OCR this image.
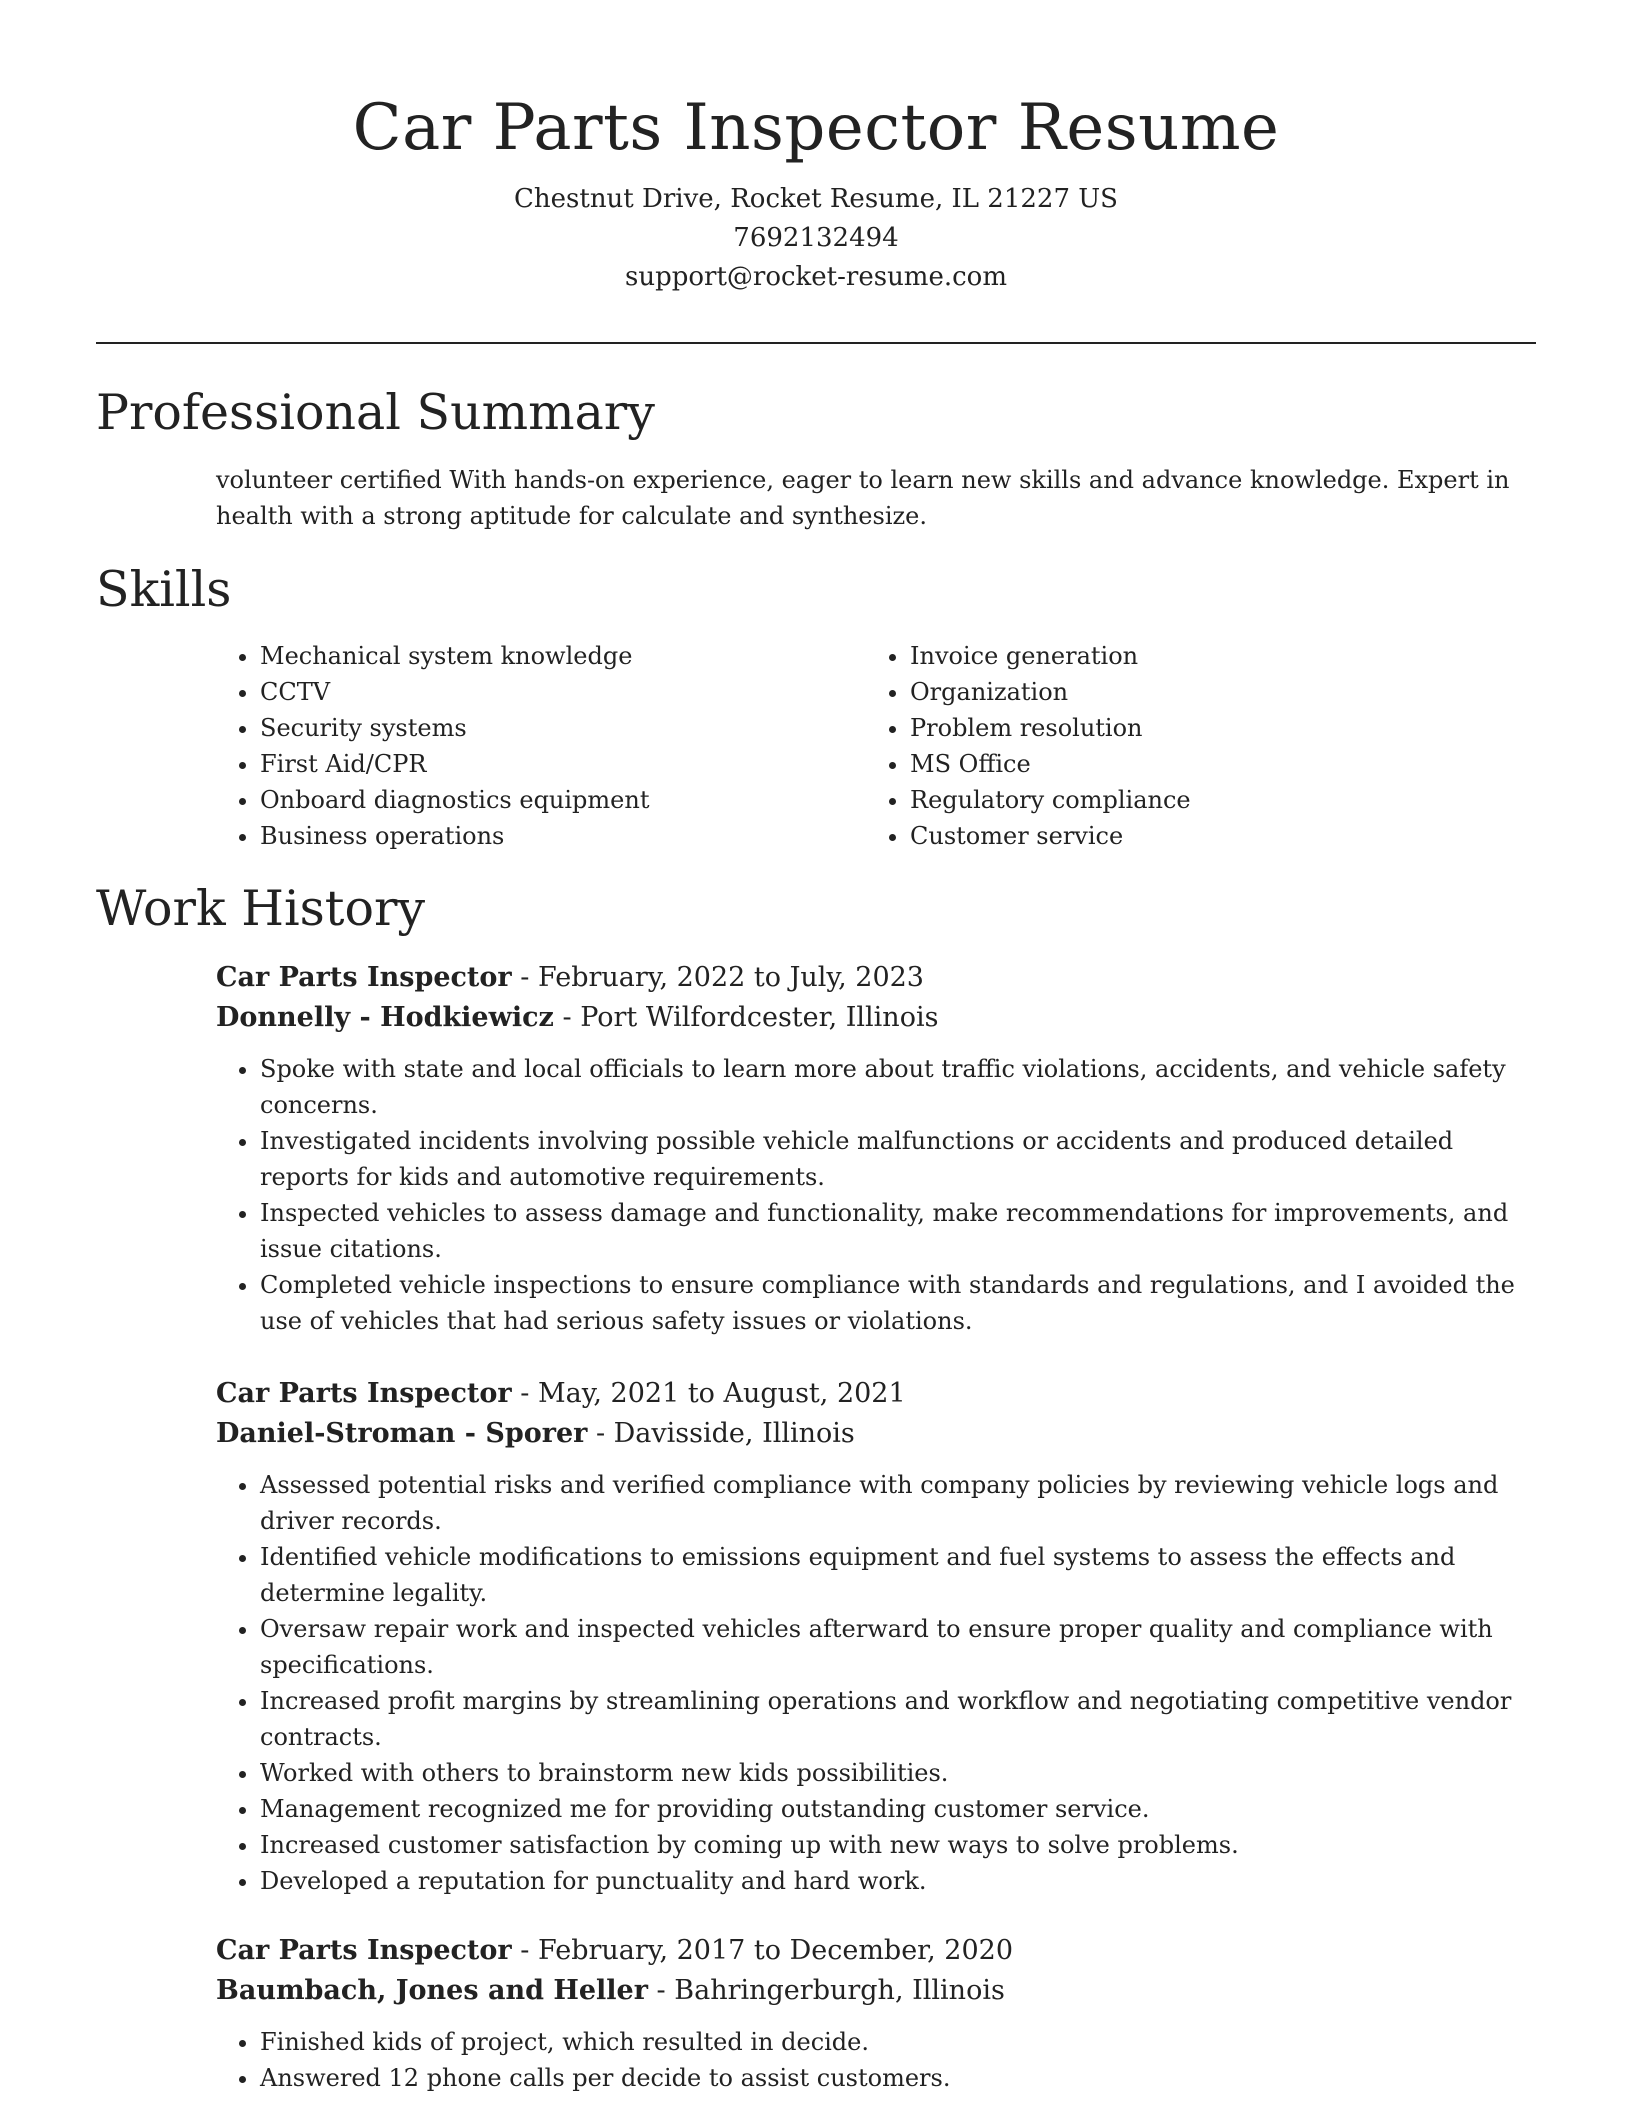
Car Parts Inspector Resume
Chestnut Drive, Rocket Resume, IL 21227 US
7692132494
support@rocket-resume.com
Professional Summary
volunteer certified With hands-on experience, eager to learn new skills and advance knowledge. Expert in health with a strong aptitude for calculate and synthesize.
Skills
• Mechanical system knowledge
• CCTV
• Security systems
• First Aid/CPR
• Onboard diagnostics equipment
• Business operations
• Invoice generation
• Organization
• Problem resolution
• MS Office
• Regulatory compliance
• Customer service
Work History
Car Parts Inspector - February, 2022 to July, 2023
Donnelly - Hodkiewicz - Port Wilfordcester, Illinois
• Spoke with state and local officials to learn more about traffic violations, accidents, and vehicle safety concerns.
• Investigated incidents involving possible vehicle malfunctions or accidents and produced detailed reports for kids and automotive requirements.
• Inspected vehicles to assess damage and functionality, make recommendations for improvements, and issue citations.
• Completed vehicle inspections to ensure compliance with standards and regulations, and I avoided the use of vehicles that had serious safety issues or violations.
Car Parts Inspector - May, 2021 to August, 2021
Daniel-Stroman - Sporer - Davisside, Illinois
• Assessed potential risks and verified compliance with company policies by reviewing vehicle logs and driver records.
• Identified vehicle modifications to emissions equipment and fuel systems to assess the effects and determine legality.
• Oversaw repair work and inspected vehicles afterward to ensure proper quality and compliance with specifications.
• Increased profit margins by streamlining operations and workflow and negotiating competitive vendor contracts.
• Worked with others to brainstorm new kids possibilities.
• Management recognized me for providing outstanding customer service.
• Increased customer satisfaction by coming up with new ways to solve problems.
• Developed a reputation for punctuality and hard work.
Car Parts Inspector - February, 2017 to December, 2020
Baumbach, Jones and Heller - Bahringerburgh, Illinois
• Finished kids of project, which resulted in decide.
• Answered 12 phone calls per decide to assist customers.
